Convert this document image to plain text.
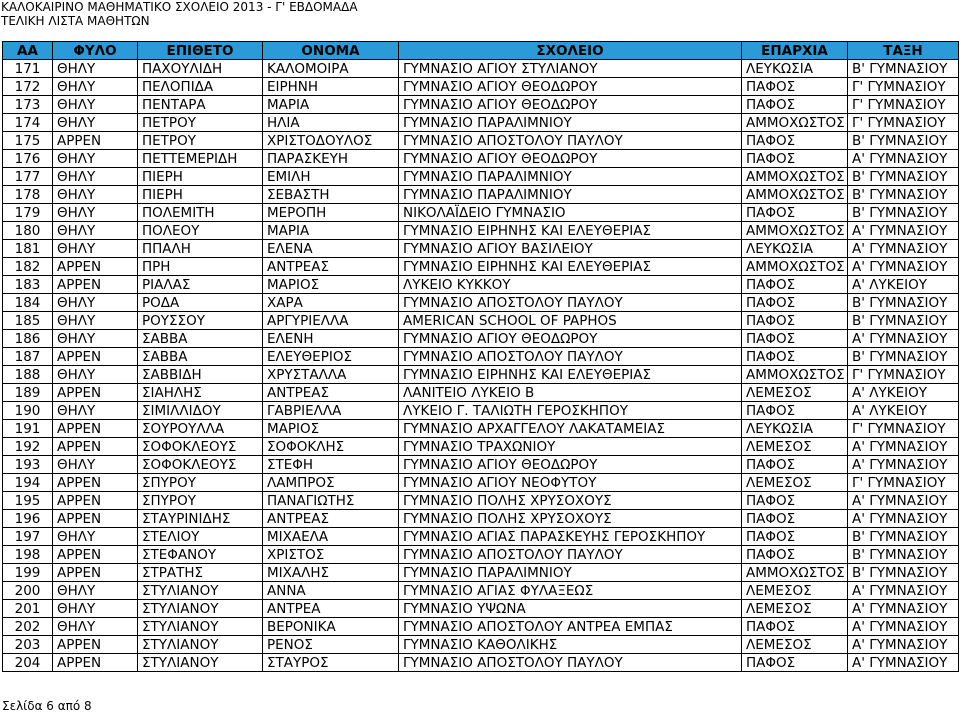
ΚΑΛΟΚΑΙΡΙΝΟ ΜΑΘΗΜΑΤΙΚΟ ΣΧΟΛΕΙΟ 2013 - Γ' ΕΒΔΟΜΑΔΑ
ΤΕΛΙΚΗ ΛΙΣΤΑ ΜΑΘΗΤΩΝ
ΑΑ	ΦΥΛΟ	ΕΠΙΘΕΤΟ	ΟΝΟΜΑ	ΣΧΟΛΕΙΟ	ΕΠΑΡΧΙΑ	ΤΑΞΗ
171	ΘΗΛΥ	ΠΑΧΟΥΛΙΔΗ	ΚΑΛΟΜΟΙΡΑ	ΓΥΜΝΑΣΙΟ ΑΓΙΟΥ ΣΤΥΛΙΑΝΟΥ	ΛΕΥΚΩΣΙΑ	Β' ΓΥΜΝΑΣΙΟΥ
172	ΘΗΛΥ	ΠΕΛΟΠΙΔΑ	ΕΙΡΗΝΗ	ΓΥΜΝΑΣΙΟ ΑΓΙΟΥ ΘΕΟΔΩΡΟΥ	ΠΑΦΟΣ	Γ' ΓΥΜΝΑΣΙΟΥ
173	ΘΗΛΥ	ΠΕΝΤΑΡΑ	ΜΑΡΙΑ	ΓΥΜΝΑΣΙΟ ΑΓΙΟΥ ΘΕΟΔΩΡΟΥ	ΠΑΦΟΣ	Γ' ΓΥΜΝΑΣΙΟΥ
174	ΘΗΛΥ	ΠΕΤΡΟΥ	ΗΛΙΑ	ΓΥΜΝΑΣΙΟ ΠΑΡΑΛΙΜΝΙΟΥ	ΑΜΜΟΧΩΣΤΟΣ	Γ' ΓΥΜΝΑΣΙΟΥ
175	ΑΡΡΕΝ	ΠΕΤΡΟΥ	ΧΡΙΣΤΟΔΟΥΛΟΣ	ΓΥΜΝΑΣΙΟ ΑΠΟΣΤΟΛΟΥ ΠΑΥΛΟΥ	ΠΑΦΟΣ	Β' ΓΥΜΝΑΣΙΟΥ
176	ΘΗΛΥ	ΠΕΤΤΕΜΕΡΙΔΗ	ΠΑΡΑΣΚΕΥΗ	ΓΥΜΝΑΣΙΟ ΑΓΙΟΥ ΘΕΟΔΩΡΟΥ	ΠΑΦΟΣ	Α' ΓΥΜΝΑΣΙΟΥ
177	ΘΗΛΥ	ΠΙΕΡΗ	ΕΜΙΛΗ	ΓΥΜΝΑΣΙΟ ΠΑΡΑΛΙΜΝΙΟΥ	ΑΜΜΟΧΩΣΤΟΣ	Β' ΓΥΜΝΑΣΙΟΥ
178	ΘΗΛΥ	ΠΙΕΡΗ	ΣΕΒΑΣΤΗ	ΓΥΜΝΑΣΙΟ ΠΑΡΑΛΙΜΝΙΟΥ	ΑΜΜΟΧΩΣΤΟΣ	Β' ΓΥΜΝΑΣΙΟΥ
179	ΘΗΛΥ	ΠΟΛΕΜΙΤΗ	ΜΕΡΟΠΗ	ΝΙΚΟΛΑΪΔΕΙΟ ΓΥΜΝΑΣΙΟ	ΠΑΦΟΣ	Β' ΓΥΜΝΑΣΙΟΥ
180	ΘΗΛΥ	ΠΟΛΕΟΥ	ΜΑΡΙΑ	ΓΥΜΝΑΣΙΟ ΕΙΡΗΝΗΣ ΚΑΙ ΕΛΕΥΘΕΡΙΑΣ	ΑΜΜΟΧΩΣΤΟΣ	Α' ΓΥΜΝΑΣΙΟΥ
181	ΘΗΛΥ	ΠΠΑΛΗ	ΕΛΕΝΑ	ΓΥΜΝΑΣΙΟ ΑΓΙΟΥ ΒΑΣΙΛΕΙΟΥ	ΛΕΥΚΩΣΙΑ	Α' ΓΥΜΝΑΣΙΟΥ
182	ΑΡΡΕΝ	ΠΡΗ	ΑΝΤΡΕΑΣ	ΓΥΜΝΑΣΙΟ ΕΙΡΗΝΗΣ ΚΑΙ ΕΛΕΥΘΕΡΙΑΣ	ΑΜΜΟΧΩΣΤΟΣ	Α' ΓΥΜΝΑΣΙΟΥ
183	ΑΡΡΕΝ	ΡΙΑΛΑΣ	ΜΑΡΙΟΣ	ΛΥΚΕΙΟ ΚΥΚΚΟΥ	ΠΑΦΟΣ	Α' ΛΥΚΕΙΟΥ
184	ΘΗΛΥ	ΡΟΔΑ	ΧΑΡΑ	ΓΥΜΝΑΣΙΟ ΑΠΟΣΤΟΛΟΥ ΠΑΥΛΟΥ	ΠΑΦΟΣ	Β' ΓΥΜΝΑΣΙΟΥ
185	ΘΗΛΥ	ΡΟΥΣΣΟΥ	ΑΡΓΥΡΙΕΛΛΑ	AMERICAN SCHOOL OF PAPHOS	ΠΑΦΟΣ	Β' ΓΥΜΝΑΣΙΟΥ
186	ΘΗΛΥ	ΣΑΒΒΑ	ΕΛΕΝΗ	ΓΥΜΝΑΣΙΟ ΑΓΙΟΥ ΘΕΟΔΩΡΟΥ	ΠΑΦΟΣ	Α' ΓΥΜΝΑΣΙΟΥ
187	ΑΡΡΕΝ	ΣΑΒΒΑ	ΕΛΕΥΘΕΡΙΟΣ	ΓΥΜΝΑΣΙΟ ΑΠΟΣΤΟΛΟΥ ΠΑΥΛΟΥ	ΠΑΦΟΣ	Β' ΓΥΜΝΑΣΙΟΥ
188	ΘΗΛΥ	ΣΑΒΒΙΔΗ	ΧΡΥΣΤΑΛΛΑ	ΓΥΜΝΑΣΙΟ ΕΙΡΗΝΗΣ ΚΑΙ ΕΛΕΥΘΕΡΙΑΣ	ΑΜΜΟΧΩΣΤΟΣ	Γ' ΓΥΜΝΑΣΙΟΥ
189	ΑΡΡΕΝ	ΣΙΑΗΛΗΣ	ΑΝΤΡΕΑΣ	ΛΑΝΙΤΕΙΟ ΛΥΚΕΙΟ Β	ΛΕΜΕΣΟΣ	Α' ΛΥΚΕΙΟΥ
190	ΘΗΛΥ	ΣΙΜΙΛΛΙΔΟΥ	ΓΑΒΡΙΕΛΛΑ	ΛΥΚΕΙΟ Γ. ΤΑΛΙΩΤΗ ΓΕΡΟΣΚΗΠΟΥ	ΠΑΦΟΣ	Α' ΛΥΚΕΙΟΥ
191	ΑΡΡΕΝ	ΣΟΥΡΟΥΛΛΑ	ΜΑΡΙΟΣ	ΓΥΜΝΑΣΙΟ ΑΡΧΑΓΓΕΛΟΥ ΛΑΚΑΤΑΜΕΙΑΣ	ΛΕΥΚΩΣΙΑ	Γ' ΓΥΜΝΑΣΙΟΥ
192	ΑΡΡΕΝ	ΣΟΦΟΚΛΕΟΥΣ	ΣΟΦΟΚΛΗΣ	ΓΥΜΝΑΣΙΟ ΤΡΑΧΩΝΙΟΥ	ΛΕΜΕΣΟΣ	Α' ΓΥΜΝΑΣΙΟΥ
193	ΘΗΛΥ	ΣΟΦΟΚΛΕΟΥΣ	ΣΤΕΦΗ	ΓΥΜΝΑΣΙΟ ΑΓΙΟΥ ΘΕΟΔΩΡΟΥ	ΠΑΦΟΣ	Α' ΓΥΜΝΑΣΙΟΥ
194	ΑΡΡΕΝ	ΣΠΥΡΟΥ	ΛΑΜΠΡΟΣ	ΓΥΜΝΑΣΙΟ ΑΓΙΟΥ ΝΕΟΦΥΤΟΥ	ΛΕΜΕΣΟΣ	Γ' ΓΥΜΝΑΣΙΟΥ
195	ΑΡΡΕΝ	ΣΠΥΡΟΥ	ΠΑΝΑΓΙΩΤΗΣ	ΓΥΜΝΑΣΙΟ ΠΟΛΗΣ ΧΡΥΣΟΧΟΥΣ	ΠΑΦΟΣ	Α' ΓΥΜΝΑΣΙΟΥ
196	ΑΡΡΕΝ	ΣΤΑΥΡΙΝΙΔΗΣ	ΑΝΤΡΕΑΣ	ΓΥΜΝΑΣΙΟ ΠΟΛΗΣ ΧΡΥΣΟΧΟΥΣ	ΠΑΦΟΣ	Α' ΓΥΜΝΑΣΙΟΥ
197	ΘΗΛΥ	ΣΤΕΛΙΟΥ	ΜΙΧΑΕΛΑ	ΓΥΜΝΑΣΙΟ ΑΓΙΑΣ ΠΑΡΑΣΚΕΥΗΣ ΓΕΡΟΣΚΗΠΟΥ	ΠΑΦΟΣ	Β' ΓΥΜΝΑΣΙΟΥ
198	ΑΡΡΕΝ	ΣΤΕΦΑΝΟΥ	ΧΡΙΣΤΟΣ	ΓΥΜΝΑΣΙΟ ΑΠΟΣΤΟΛΟΥ ΠΑΥΛΟΥ	ΠΑΦΟΣ	Β' ΓΥΜΝΑΣΙΟΥ
199	ΑΡΡΕΝ	ΣΤΡΑΤΗΣ	ΜΙΧΑΛΗΣ	ΓΥΜΝΑΣΙΟ ΠΑΡΑΛΙΜΝΙΟΥ	ΑΜΜΟΧΩΣΤΟΣ	Β' ΓΥΜΝΑΣΙΟΥ
200	ΘΗΛΥ	ΣΤΥΛΙΑΝΟΥ	ΑΝΝΑ	ΓΥΜΝΑΣΙΟ ΑΓΙΑΣ ΦΥΛΑΞΕΩΣ	ΛΕΜΕΣΟΣ	Α' ΓΥΜΝΑΣΙΟΥ
201	ΘΗΛΥ	ΣΤΥΛΙΑΝΟΥ	ΑΝΤΡΕΑ	ΓΥΜΝΑΣΙΟ ΥΨΩΝΑ	ΛΕΜΕΣΟΣ	Α' ΓΥΜΝΑΣΙΟΥ
202	ΘΗΛΥ	ΣΤΥΛΙΑΝΟΥ	ΒΕΡΟΝΙΚΑ	ΓΥΜΝΑΣΙΟ ΑΠΟΣΤΟΛΟΥ ΑΝΤΡΕΑ ΕΜΠΑΣ	ΠΑΦΟΣ	Α' ΓΥΜΝΑΣΙΟΥ
203	ΑΡΡΕΝ	ΣΤΥΛΙΑΝΟΥ	ΡΕΝΟΣ	ΓΥΜΝΑΣΙΟ ΚΑΘΟΛΙΚΗΣ	ΛΕΜΕΣΟΣ	Α' ΓΥΜΝΑΣΙΟΥ
204	ΑΡΡΕΝ	ΣΤΥΛΙΑΝΟΥ	ΣΤΑΥΡΟΣ	ΓΥΜΝΑΣΙΟ ΑΠΟΣΤΟΛΟΥ ΠΑΥΛΟΥ	ΠΑΦΟΣ	Α' ΓΥΜΝΑΣΙΟΥ
Σελίδα 6 από 8
